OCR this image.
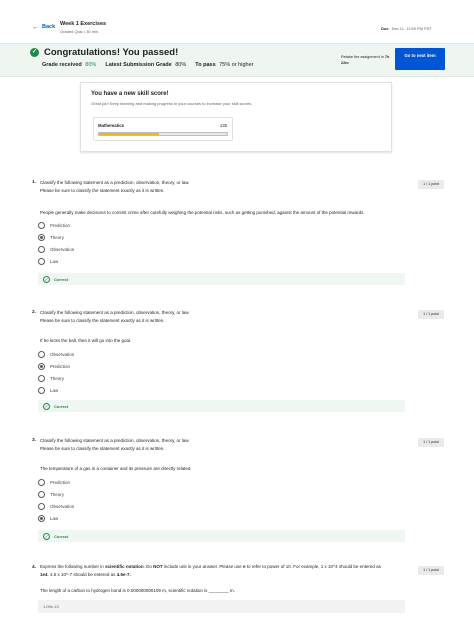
← Back Week 1 Exercises
Graded Quiz • 30 min
Due Dec 11, 11:59 PM PST
✓ Congratulations! You passed!
Grade received 80% Latest Submission Grade 80% To pass 75% or higher
Retake the assignment in 7h 22m
Go to next item
You have a new skill score!
Great job! Keep learning and making progress in your courses to increase your skill scores.
Mathematics	135
1. Classify the following statement as a prediction, observation, theory, or law. Please be sure to classify the statement exactly as it is written.
1 / 1 point
People generally make decisions to commit crime after carefully weighing the potential risks, such as getting punished, against the amount of the potential rewards.
Prediction
Theory
Observation
Law
✓	Correct
2. Classify the following statement as a prediction, observation, theory, or law. Please be sure to classify the statement exactly as it is written.
1 / 1 point
If he kicks the ball, then it will go into the goal.
Observation
Prediction
Theory
Law
✓	Correct
3. Classify the following statement as a prediction, observation, theory, or law. Please be sure to classify the statement exactly as it is written.
1 / 1 point
The temperature of a gas in a container and its pressure are directly related.
Prediction
Theory
Observation
Law
✓	Correct
4. Express the following number in scientific notation. Do NOT include unit in your answer. Please use e to refer to power of 10. For example, 1 x 10^4 should be entered as
1e4. 4.5 x 10^-7 should be entered as 4.5e-7.
1 / 1 point
The length of a carbon to hydrogen bond is 0.000000000109 m, scientific notation is ________ m.
1.09e-10
